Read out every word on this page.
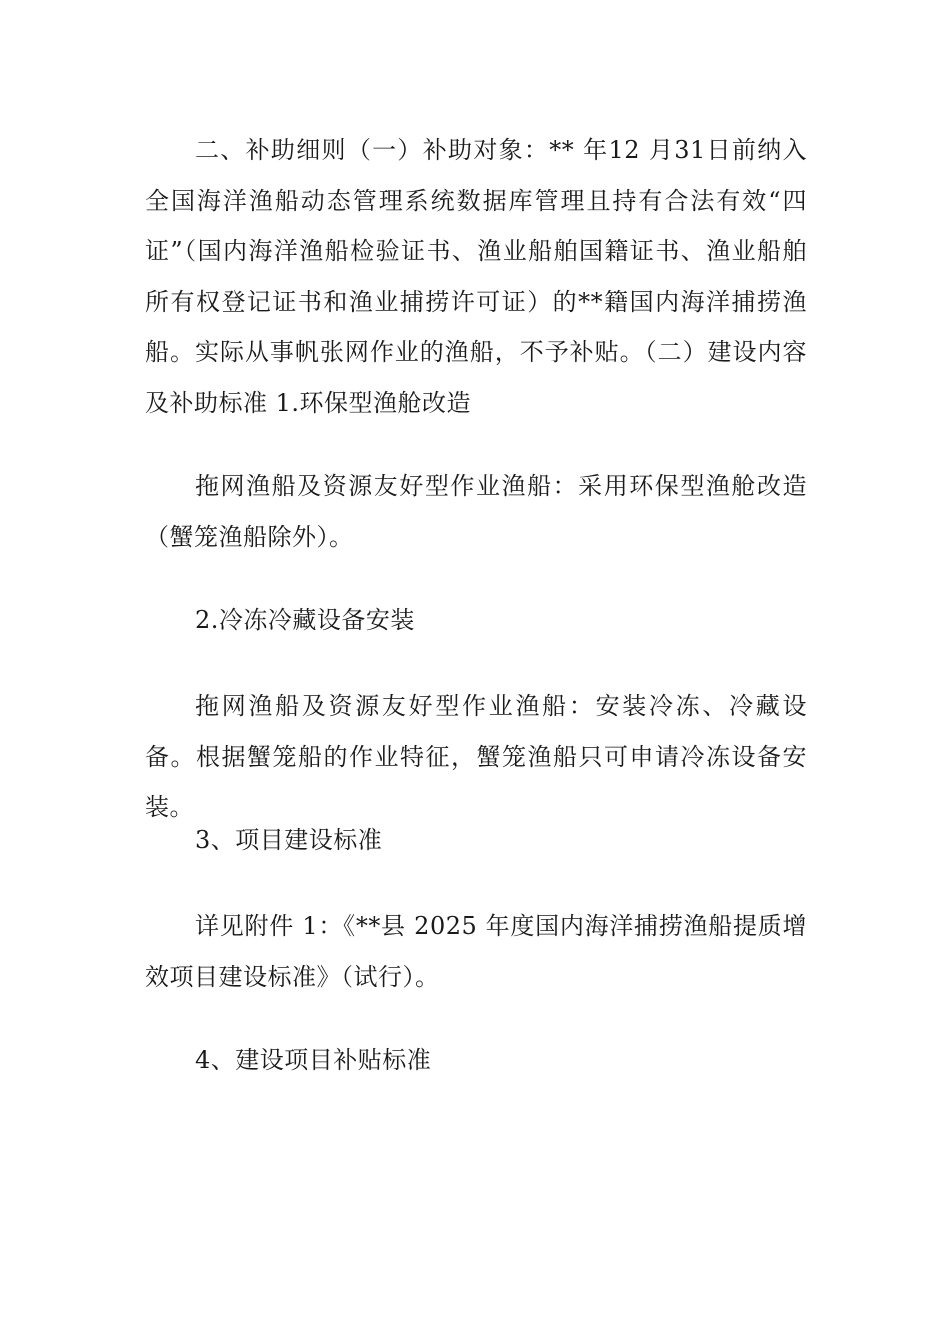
二、补助细则（一）补助对象：** 年12 月31日前纳入全国海洋渔船动态管理系统数据库管理且持有合法有效“四证”（国内海洋渔船检验证书、渔业船舶国籍证书、渔业船舶所有权登记证书和渔业捕捞许可证）的**籍国内海洋捕捞渔船。实际从事帆张网作业的渔船，不予补贴。（二）建设内容及补助标准 1.环保型渔舱改造

拖网渔船及资源友好型作业渔船：采用环保型渔舱改造（蟹笼渔船除外）。

2.冷冻冷藏设备安装

拖网渔船及资源友好型作业渔船：安装冷冻、冷藏设备。根据蟹笼船的作业特征，蟹笼渔船只可申请冷冻设备安装。

3、项目建设标准

详见附件 1：《**县 2025 年度国内海洋捕捞渔船提质增效项目建设标准》（试行）。

4、建设项目补贴标准
